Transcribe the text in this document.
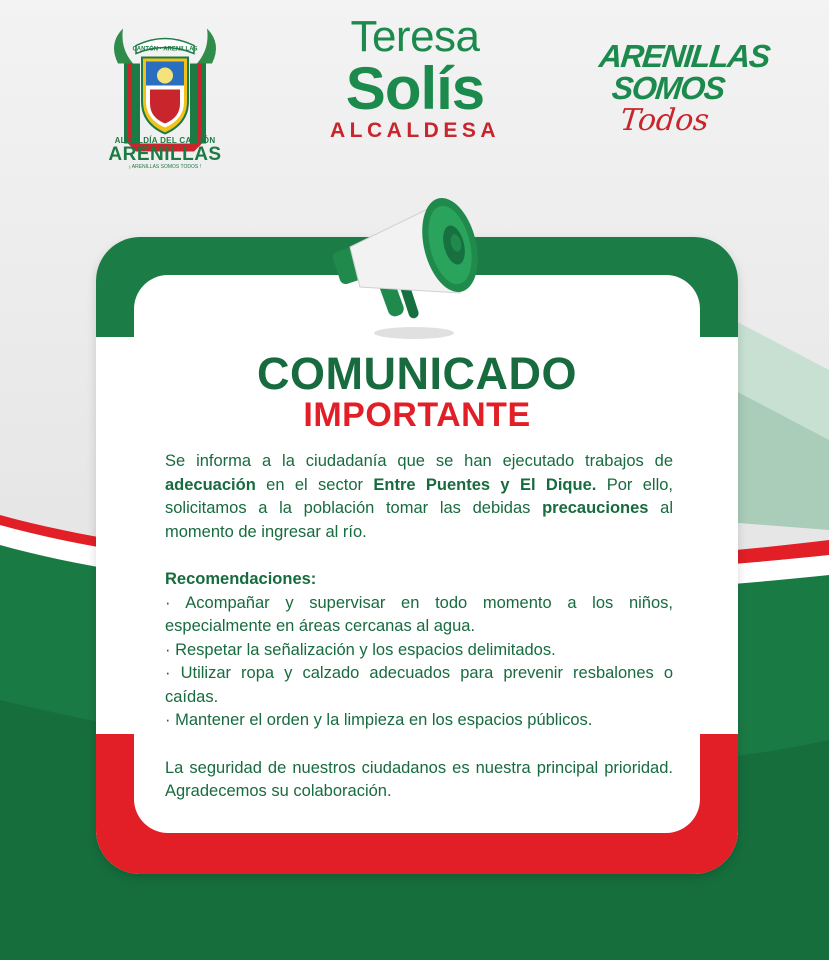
CANTÓN · ARENILLAS
ALCALDÍA DEL CANTÓN
ARENILLAS
¡ ARENILLAS SOMOS TODOS !
Teresa
Solís
ALCALDESA
ARENILLAS
SOMOS
Todos
COMUNICADO
IMPORTANTE

Se informa a la ciudadanía que se han ejecutado trabajos de adecuación en el sector Entre Puentes y El Dique. Por ello, solicitamos a la población tomar las debidas precauciones al momento de ingresar al río.

Recomendaciones:

· Acompañar y supervisar en todo momento a los niños, especialmente en áreas cercanas al agua.
· Respetar la señalización y los espacios delimitados.
· Utilizar ropa y calzado adecuados para prevenir resbalones o caídas.
· Mantener el orden y la limpieza en los espacios públicos.

La seguridad de nuestros ciudadanos es nuestra principal prioridad. Agradecemos su colaboración.
